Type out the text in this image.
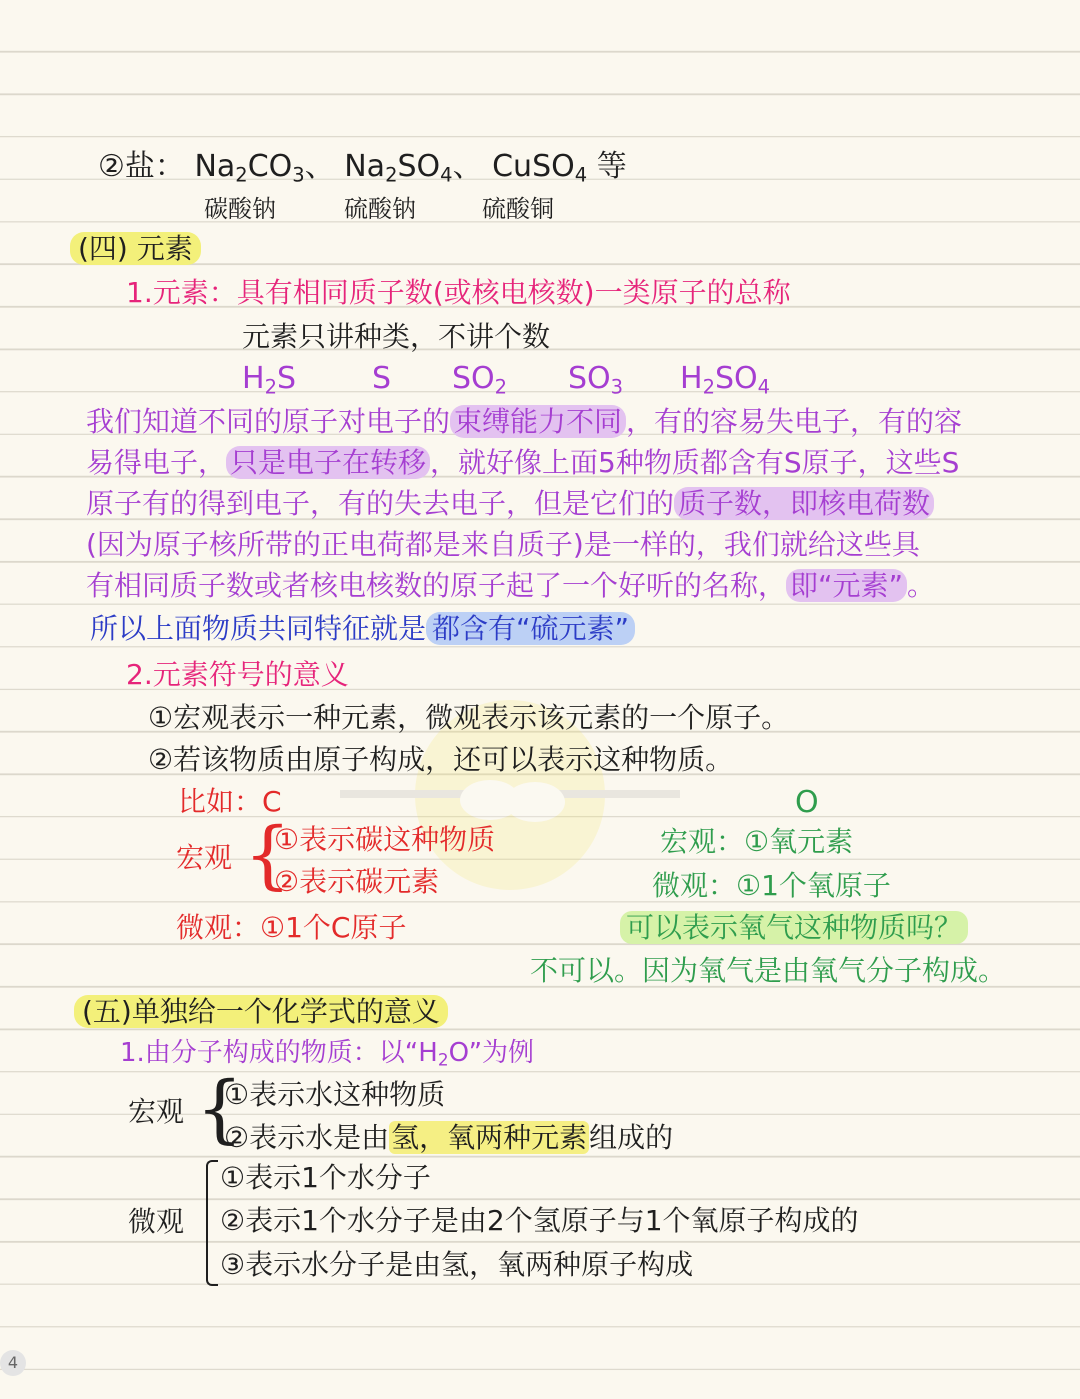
②盐： $Na_2CO_3$、 $Na_2SO_4$、 CuSO$_4$ 等
碳酸钠	硫酸钠	硫酸铜
(四) 元素
1.元素：具有相同质子数(或核电核数)一类原子的总称
元素只讲种类，不讲个数
$H_2S$	S $SO_2$ $SO_3$ $H_2SO_4$
我们知道不同的原子对电子的 束缚能力不同 ，有的容易失电子，有的容
易得电子， 只是电子在转移 ，就好像上面5种物质都含有S原子，这些S
原子有的得到电子，有的失去电子，但是它们的 质子数，即核电荷数
(因为原子核所带的正电荷都是来自质子)是一样的，我们就给这些具
有相同质子数或者核电核数的原子起了一个好听的名称， 即“元素” 。
所以上面物质共同特征就是 都含有“硫元素”
2.元素符号的意义
①宏观表示一种元素，微观表示该元素的一个原子。
②若该物质由原子构成，还可以表示这种物质。
比如：C
宏观 {
①表示碳这种物质
②表示碳元素
微观：①1个C原子
O
宏观：①氧元素
微观：①1个氧原子
可以表示氧气这种物质吗？
不可以。因为氧气是由氧气分子构成。
(五)单独给一个化学式的意义
1.由分子构成的物质：以“$H_2O$”为例
宏观 {
①表示水这种物质
②表示水是由氢，氧两种元素组成的
微观
①表示1个水分子
②表示1个水分子是由2个氢原子与1个氧原子构成的
③表示水分子是由氢，氧两种原子构成
4
